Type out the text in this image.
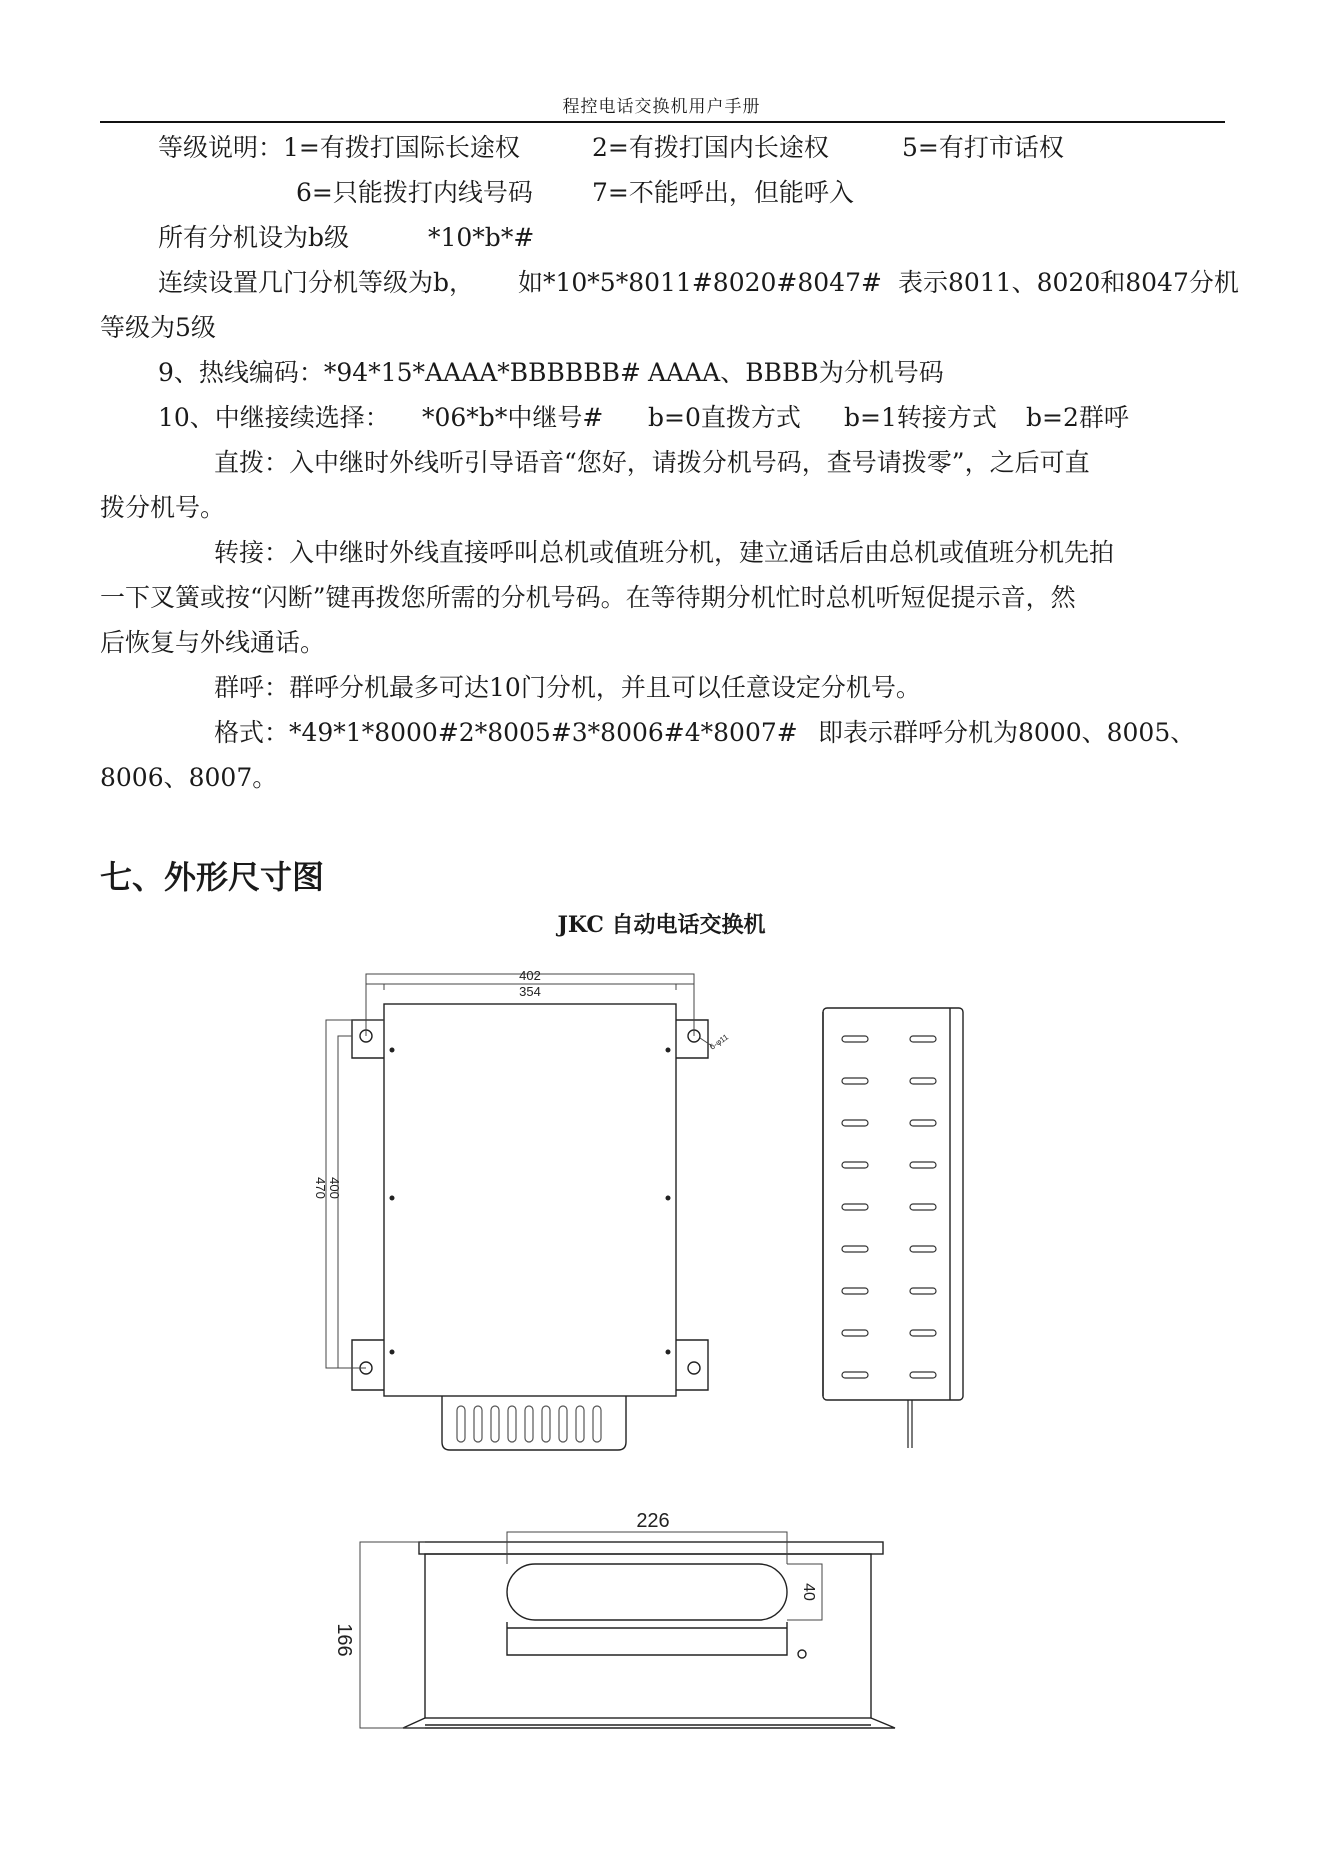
程控电话交换机用户手册
等级说明：1=有拨打国际长途权	2=有拨打国内长途权	5=有打市话权
6=只能拨打内线号码 7=不能呼出，但能呼入
所有分机设为b级	*10*b*#
连续设置几门分机等级为b， 如*10*5*8011#8020#8047# 表示8011、8020和8047分机
等级为5级
9、热线编码：*94*15*AAAA*BBBBBB# AAAA、BBBB为分机号码
10、中继接续选择： *06*b*中继号# b=0直拨方式 b=1转接方式 b=2群呼
直拨：入中继时外线听引导语音“您好，请拨分机号码，查号请拨零”，之后可直
拨分机号。
转接：入中继时外线直接呼叫总机或值班分机，建立通话后由总机或值班分机先拍
一下叉簧或按“闪断”键再拨您所需的分机号码。在等待期分机忙时总机听短促提示音，然
后恢复与外线通话。
群呼：群呼分机最多可达10门分机，并且可以任意设定分机号。
格式：*49*1*8000#2*8005#3*8006#4*8007# 即表示群呼分机为8000、8005、
8006、8007。
七、外形尺寸图
JKC 自动电话交换机
402
354
400
470
6-φ11
226
40
166
